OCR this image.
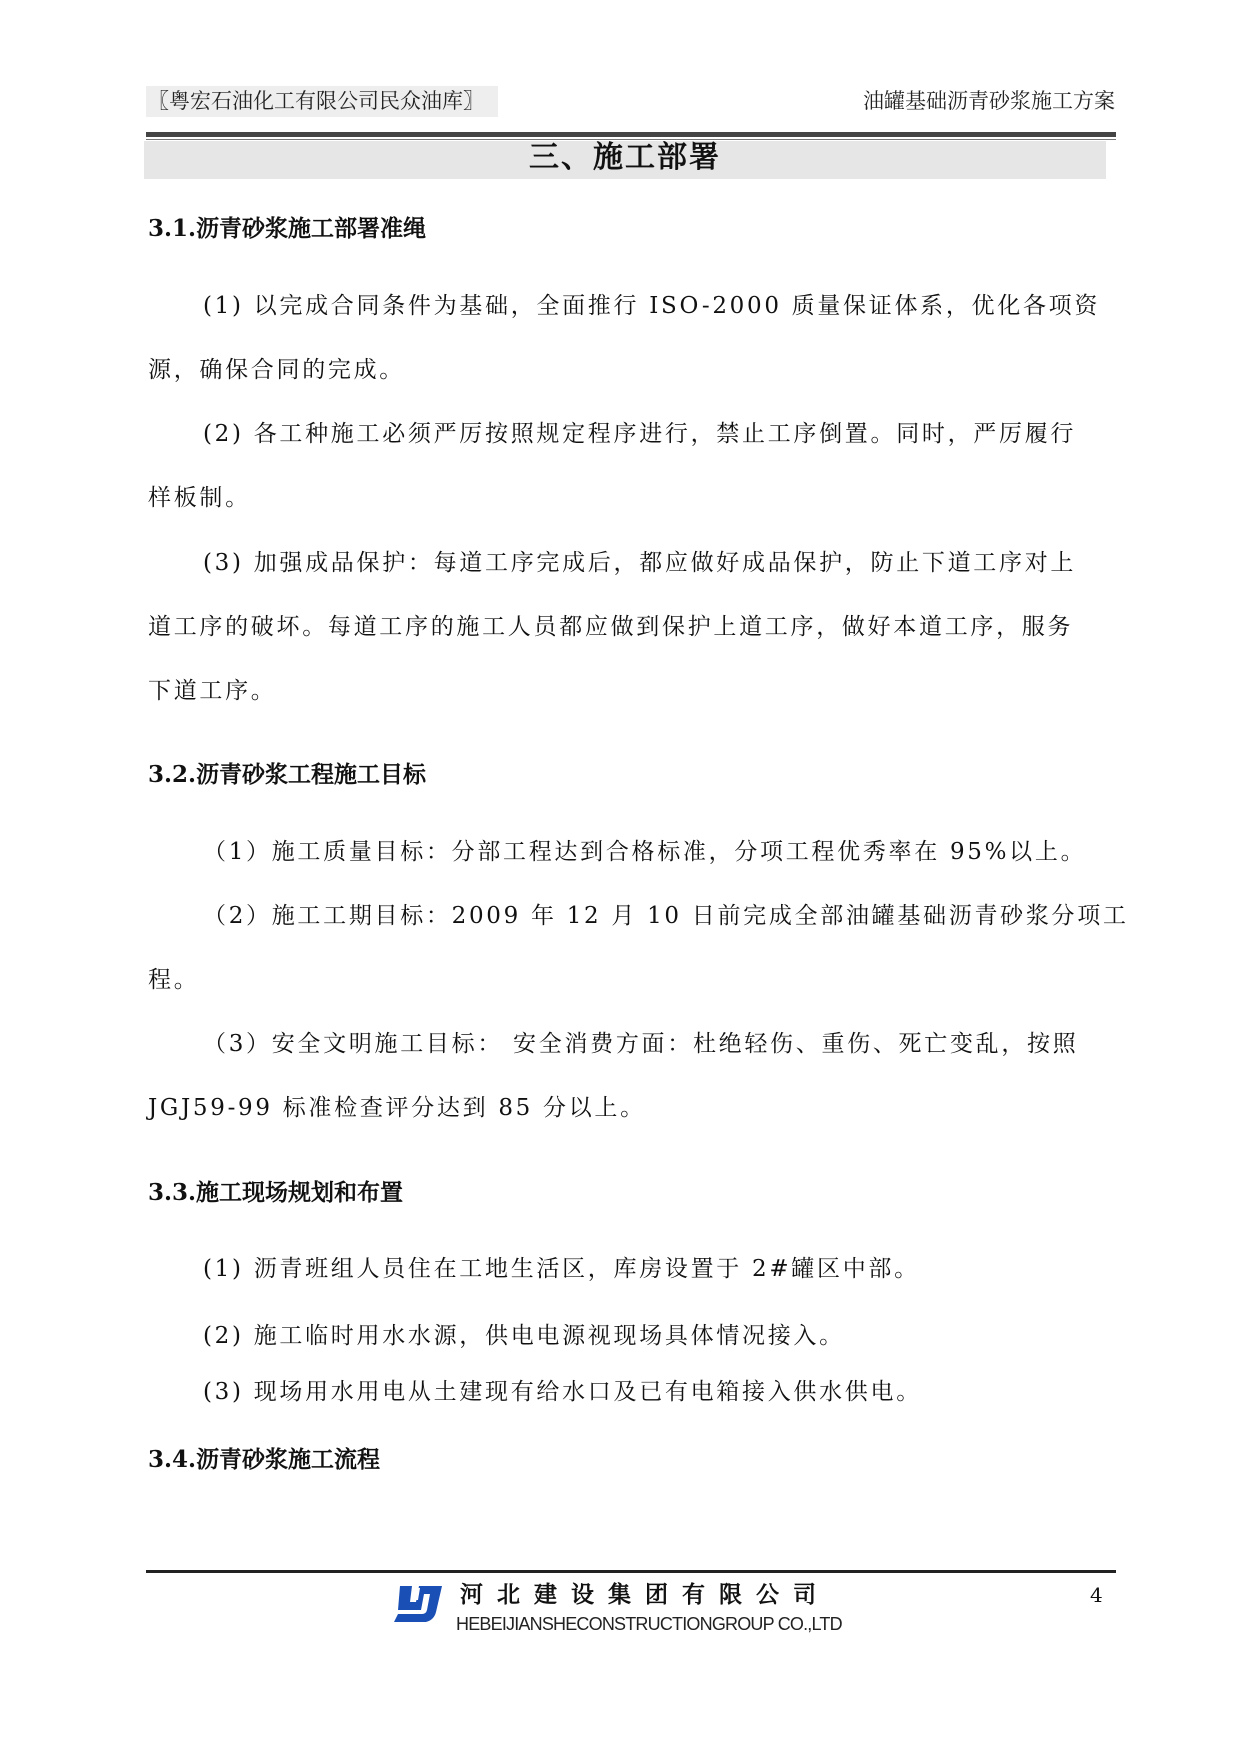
〖粤宏石油化工有限公司民众油库〗	油罐基础沥青砂浆施工方案
三、施工部署
3.1.沥青砂浆施工部署准绳
(1) 以完成合同条件为基础，全面推行 ISO-2000 质量保证体系，优化各项资
源，确保合同的完成。
(2) 各工种施工必须严厉按照规定程序进行，禁止工序倒置。同时，严厉履行
样板制。
(3) 加强成品保护：每道工序完成后，都应做好成品保护，防止下道工序对上
道工序的破坏。每道工序的施工人员都应做到保护上道工序，做好本道工序，服务
下道工序。
3.2.沥青砂浆工程施工目标
（1）施工质量目标：分部工程达到合格标准，分项工程优秀率在 95%以上。
（2）施工工期目标：2009 年 12 月 10 日前完成全部油罐基础沥青砂浆分项工
程。
（3）安全文明施工目标： 安全消费方面：杜绝轻伤、重伤、死亡变乱，按照
JGJ59-99 标准检查评分达到 85 分以上。
3.3.施工现场规划和布置
(1) 沥青班组人员住在工地生活区，库房设置于 2#罐区中部。
(2) 施工临时用水水源，供电电源视现场具体情况接入。
(3) 现场用水用电从土建现有给水口及已有电箱接入供水供电。
3.4.沥青砂浆施工流程
河北建设集团有限公司
HEBEIJIANSHECONSTRUCTIONGROUP CO.,LTD
4
